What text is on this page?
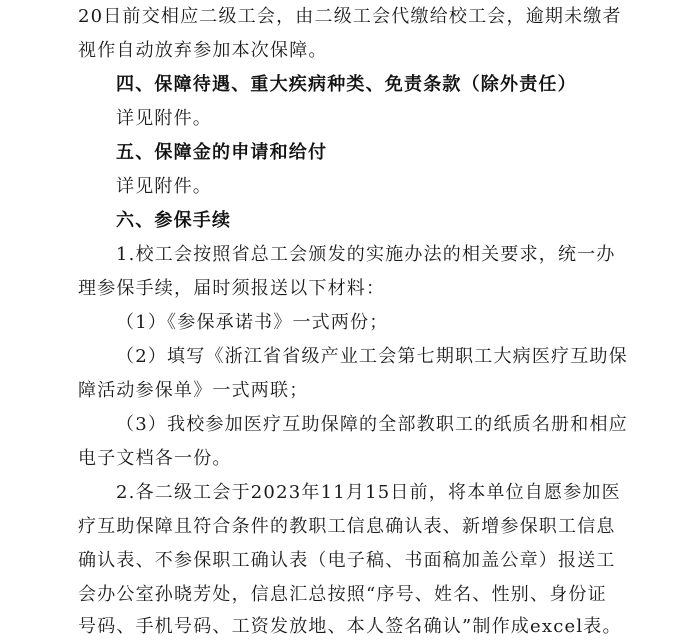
20日前交相应二级工会，由二级工会代缴给校工会，逾期未缴者
视作自动放弃参加本次保障。
四、保障待遇、重大疾病种类、免责条款（除外责任）
详见附件。
五、保障金的申请和给付
详见附件。
六、参保手续
1.校工会按照省总工会颁发的实施办法的相关要求，统一办
理参保手续，届时须报送以下材料：
（1）《参保承诺书》一式两份；
（2）填写《浙江省省级产业工会第七期职工大病医疗互助保
障活动参保单》一式两联；
（3）我校参加医疗互助保障的全部教职工的纸质名册和相应
电子文档各一份。
2.各二级工会于2023年11月15日前，将本单位自愿参加医
疗互助保障且符合条件的教职工信息确认表、新增参保职工信息
确认表、不参保职工确认表（电子稿、书面稿加盖公章）报送工
会办公室孙晓芳处，信息汇总按照“序号、姓名、性别、身份证
号码、手机号码、工资发放地、本人签名确认”制作成excel表。
